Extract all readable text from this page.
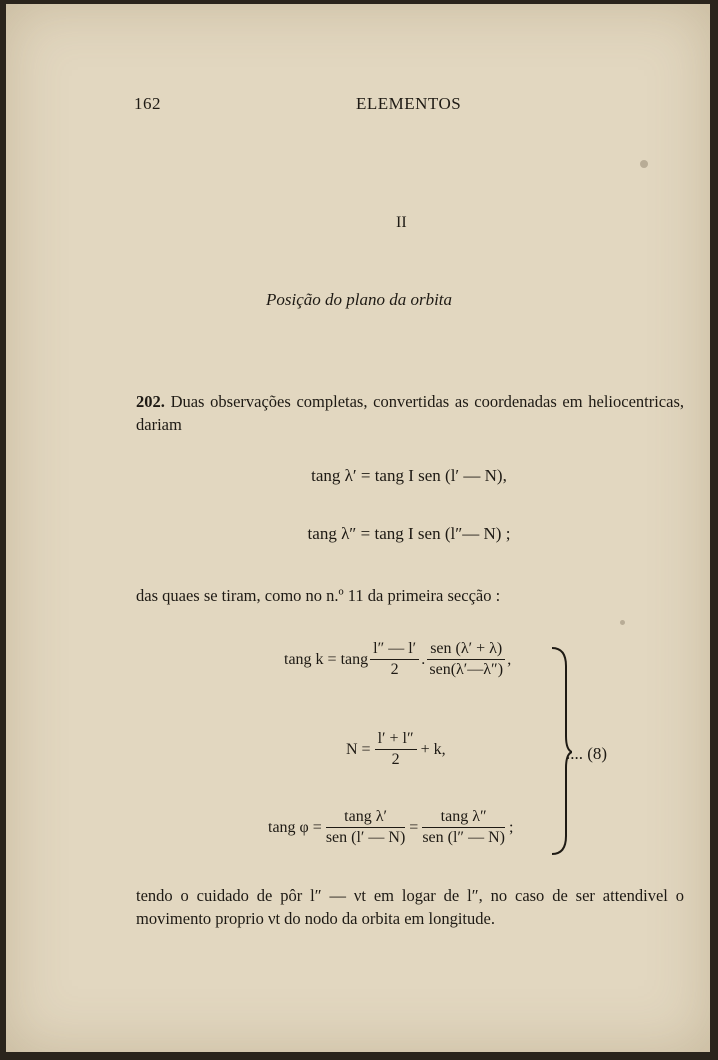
162	ELEMENTOS
II
Posição do plano da orbita
202. Duas observações completas, convertidas as coordenadas em heliocentricas, dariam
tang λ′ = tang I sen (l′ — N),
tang λ″ = tang I sen (l″— N) ;
das quaes se tiram, como no n.º 11 da primeira secção :
tang k = tang $\frac{l'' — l'}{2}$ . $\frac{\text{sen (λ′ + λ)}}{\text{sen(λ′—λ″)}}$ ,
$N = \frac{l' + l''}{2} + k$,
tang $\varphi = \frac{\text{tang λ′}}{\text{sen (l′ — N)}} = \frac{\text{tang λ″}}{\text{sen (l″ — N)}}$ ;
.... (8)
tendo o cuidado de pôr l″ — νt em logar de l″, no caso de ser attendivel o movimento proprio νt do nodo da orbita em longitude.
